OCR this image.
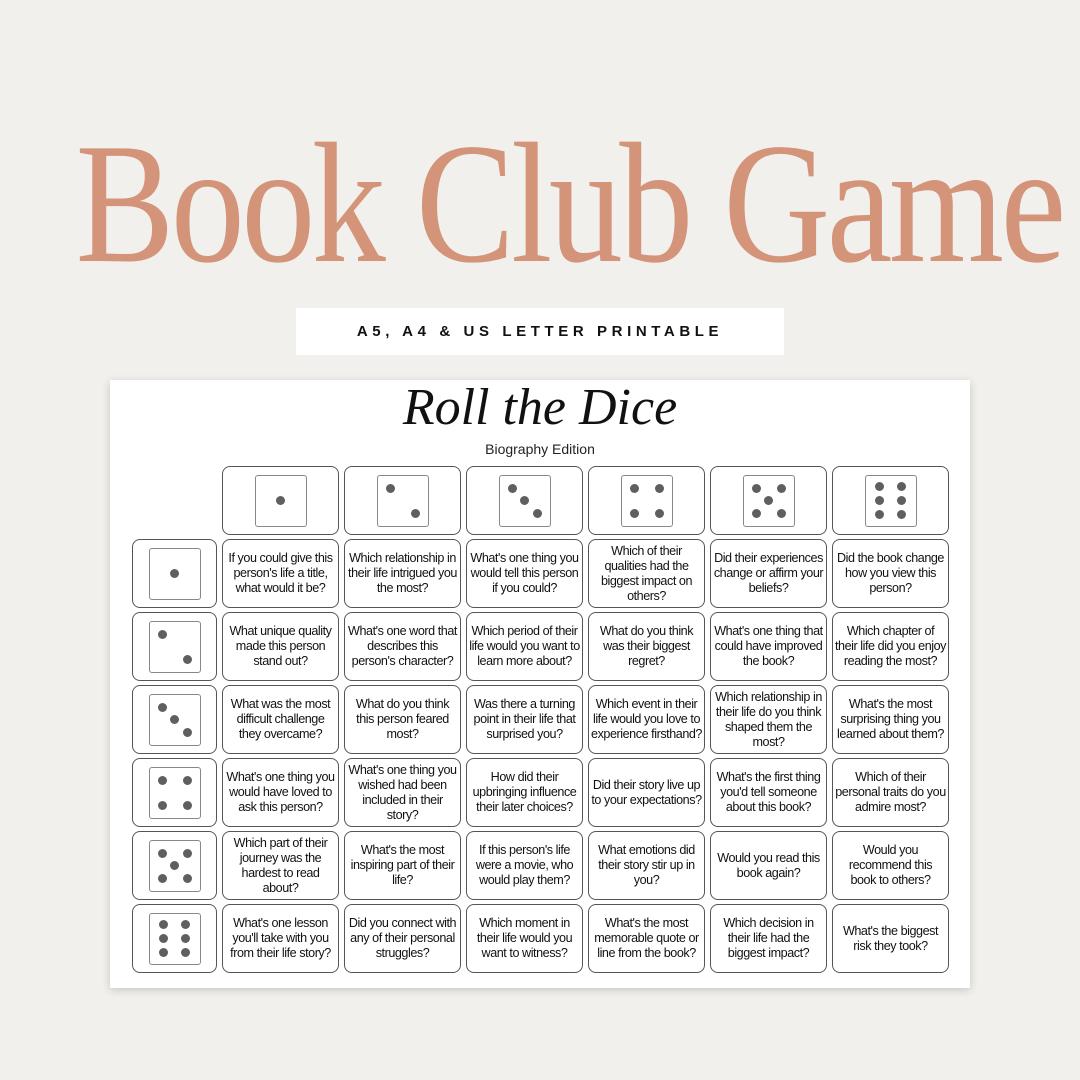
Book Club Game
A5, A4 & US LETTER PRINTABLE
Roll the Dice
Biography Edition
If you could give this person's life a title, what would it be?
Which relationship in their life intrigued you the most?
What's one thing you would tell this person if you could?
Which of their qualities had the biggest impact on others?
Did their experiences change or affirm your beliefs?
Did the book change how you view this person?
What unique quality made this person stand out?
What's one word that describes this person's character?
Which period of their life would you want to learn more about?
What do you think was their biggest regret?
What's one thing that could have improved the book?
Which chapter of their life did you enjoy reading the most?
What was the most difficult challenge they overcame?
What do you think this person feared most?
Was there a turning point in their life that surprised you?
Which event in their life would you love to experience firsthand?
Which relationship in their life do you think shaped them the most?
What's the most surprising thing you learned about them?
What's one thing you would have loved to ask this person?
What's one thing you wished had been included in their story?
How did their upbringing influence their later choices?
Did their story live up to your expectations?
What's the first thing you'd tell someone about this book?
Which of their personal traits do you admire most?
Which part of their journey was the hardest to read about?
What's the most inspiring part of their life?
If this person's life were a movie, who would play them?
What emotions did their story stir up in you?
Would you read this book again?
Would you recommend this book to others?
What's one lesson you'll take with you from their life story?
Did you connect with any of their personal struggles?
Which moment in their life would you want to witness?
What's the most memorable quote or line from the book?
Which decision in their life had the biggest impact?
What's the biggest risk they took?
